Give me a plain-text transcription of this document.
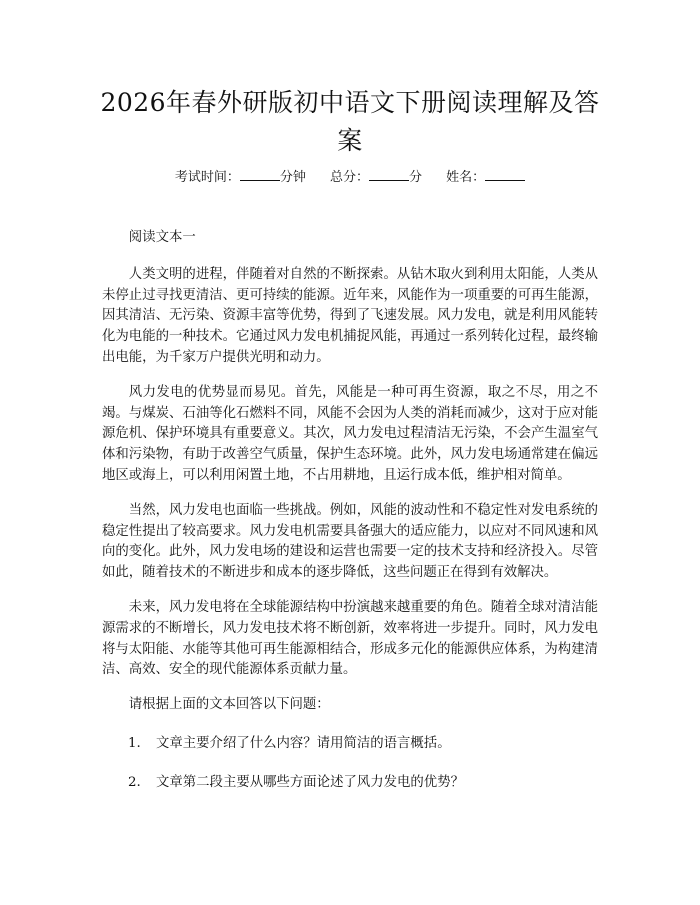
2026年春外研版初中语文下册阅读理解及答案
考试时间：	分钟 总分：	分 姓名：

阅读文本一

人类文明的进程，伴随着对自然的不断探索。从钻木取火到利用太阳能，人类从未停止过寻找更清洁、更可持续的能源。近年来，风能作为一项重要的可再生能源，因其清洁、无污染、资源丰富等优势，得到了飞速发展。风力发电，就是利用风能转化为电能的一种技术。它通过风力发电机捕捉风能，再通过一系列转化过程，最终输出电能，为千家万户提供光明和动力。

风力发电的优势显而易见。首先，风能是一种可再生资源，取之不尽，用之不竭。与煤炭、石油等化石燃料不同，风能不会因为人类的消耗而减少，这对于应对能源危机、保护环境具有重要意义。其次，风力发电过程清洁无污染，不会产生温室气体和污染物，有助于改善空气质量，保护生态环境。此外，风力发电场通常建在偏远地区或海上，可以利用闲置土地，不占用耕地，且运行成本低，维护相对简单。

当然，风力发电也面临一些挑战。例如，风能的波动性和不稳定性对发电系统的稳定性提出了较高要求。风力发电机需要具备强大的适应能力，以应对不同风速和风向的变化。此外，风力发电场的建设和运营也需要一定的技术支持和经济投入。尽管如此，随着技术的不断进步和成本的逐步降低，这些问题正在得到有效解决。

未来，风力发电将在全球能源结构中扮演越来越重要的角色。随着全球对清洁能源需求的不断增长，风力发电技术将不断创新，效率将进一步提升。同时，风力发电将与太阳能、水能等其他可再生能源相结合，形成多元化的能源供应体系，为构建清洁、高效、安全的现代能源体系贡献力量。

请根据上面的文本回答以下问题：

1.	文章主要介绍了什么内容？请用简洁的语言概括。
2.	文章第二段主要从哪些方面论述了风力发电的优势？
